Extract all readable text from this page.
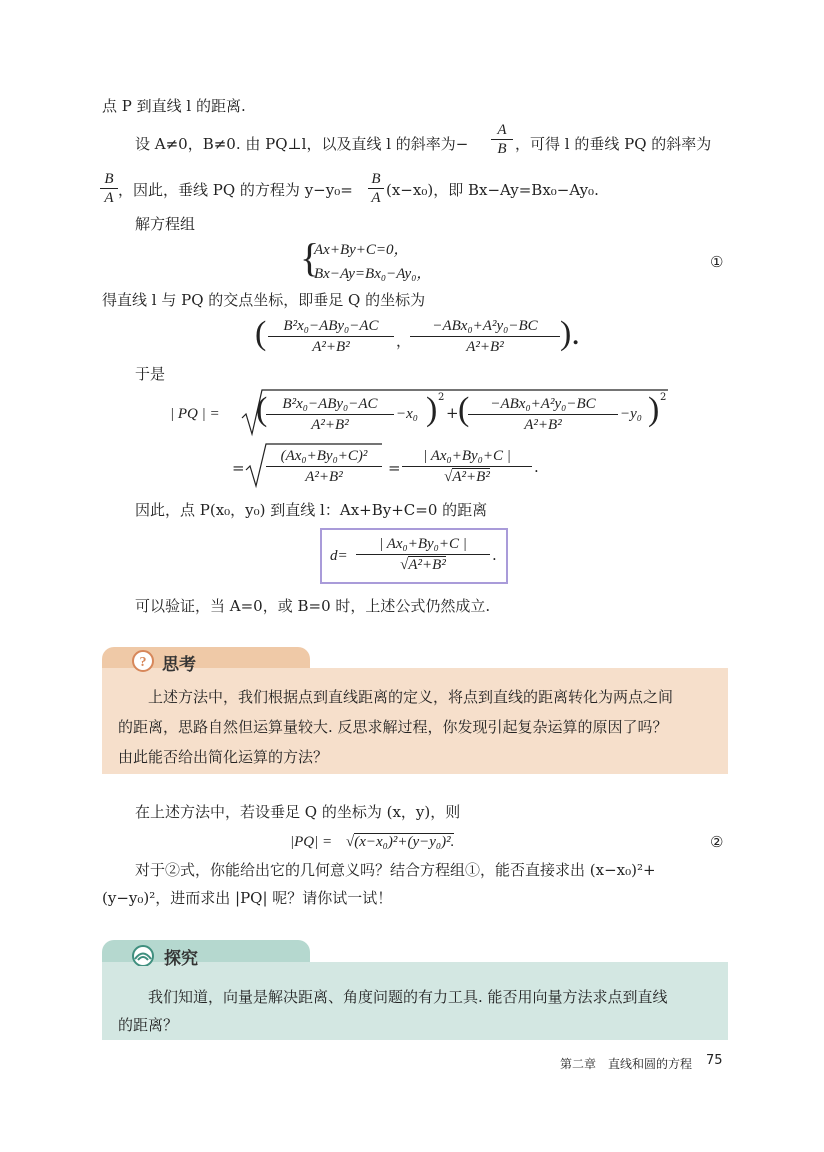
点 P 到直线 l 的距离.
设 A≠0，B≠0. 由 PQ⊥l，以及直线 l 的斜率为− $\frac{A}{B}$ ，可得 l 的垂线 PQ 的斜率为
$\frac{B}{A}$ ，因此，垂线 PQ 的方程为 $y-y_0= \frac{B}{A} (x-x_0)$，即 Bx−Ay=Bx₀−Ay₀.
解方程组
{
Ax+By+C=0，
Bx−Ay=Bx₀−Ay₀，
①
得直线 l 与 PQ 的交点坐标，即垂足 Q 的坐标为
(	B²x₀−ABy₀−AC
A²+B²	，
−ABx₀+A²y₀−BC
A²+B²	).
于是
| PQ | = (	B²x₀−ABy₀−AC
A²+B²
−x₀ ) 2
+ (	−ABx₀+A²y₀−BC
A²+B²
−y₀ ) 2
= $\frac{\text{(Ax₀+By₀+C)²}}{\text{A²+B²}} = \frac{\text{| Ax₀+By₀+C |}}{\text{√A²+B²}}$ .
因此，点 P(x₀，y₀) 到直线 l：Ax+By+C=0 的距离
$d= \frac{\text{| Ax₀+By₀+C |}}{\text{√A²+B²}}$ .
可以验证，当 A=0，或 B=0 时，上述公式仍然成立.
? 思考
上述方法中，我们根据点到直线距离的定义，将点到直线的距离转化为两点之间
的距离，思路自然但运算量较大. 反思求解过程，你发现引起复杂运算的原因了吗？
由此能否给出简化运算的方法？
在上述方法中，若设垂足 Q 的坐标为 (x，y)，则
|PQ| = √(x−x₀)²+(y−y₀)².	②
对于②式，你能给出它的几何意义吗？结合方程组①，能否直接求出 (x−x₀)²+
(y−y₀)²，进而求出 |PQ| 呢？请你试一试！
探究
我们知道，向量是解决距离、角度问题的有力工具. 能否用向量方法求点到直线
的距离？
第二章　直线和圆的方程 75
